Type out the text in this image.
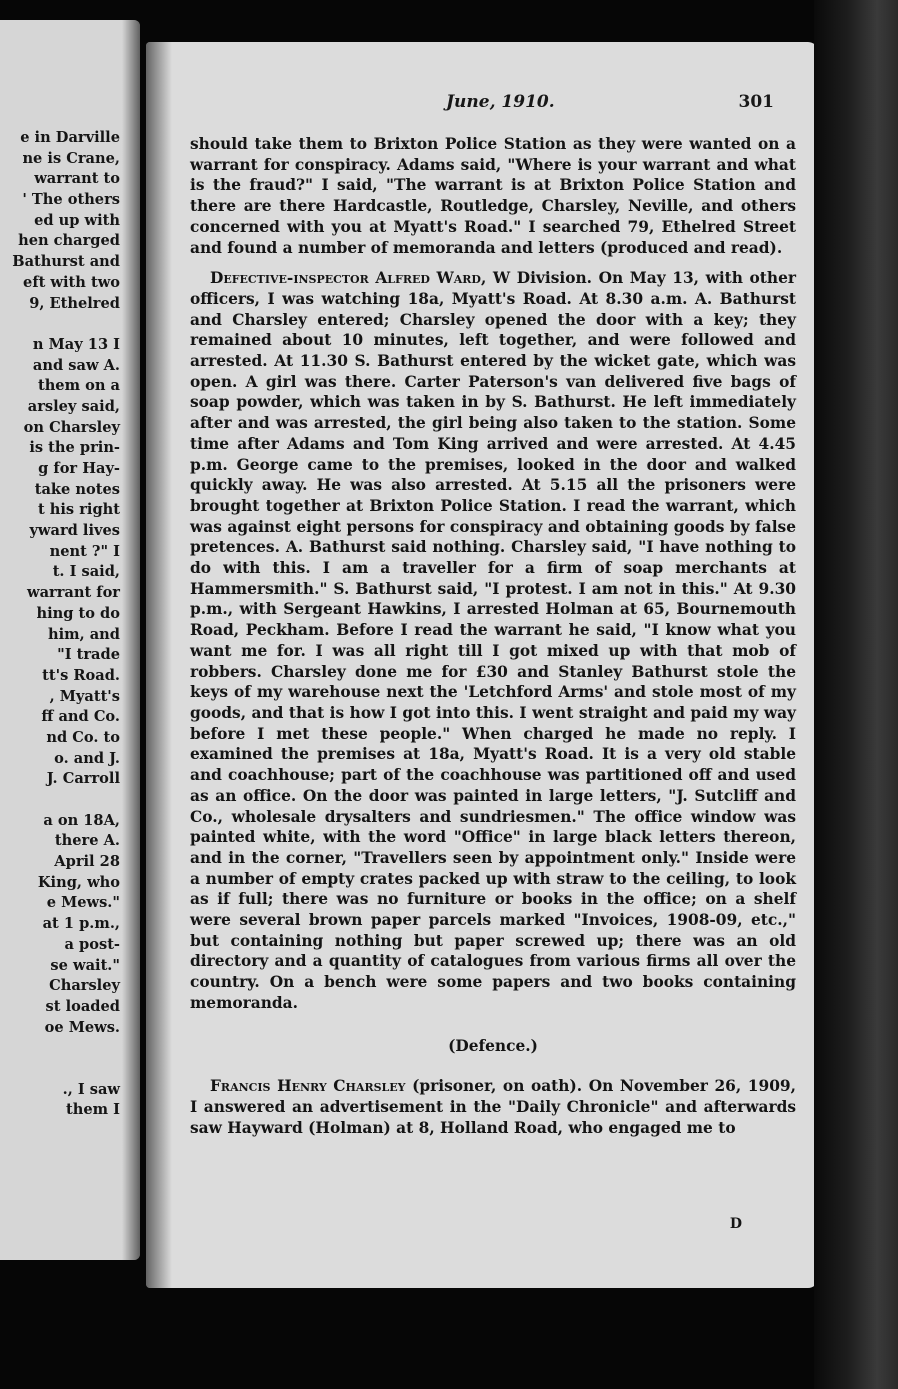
e in Darville
ne is Crane,
warrant to
' The others
ed up with
hen charged
Bathurst and
eft with two
9, Ethelred

n May 13 I
and saw A.
them on a
arsley said,
on Charsley
is the prin-
g for Hay-
take notes
t his right
yward lives
nent ?" I
t. I said,
warrant for
hing to do
him, and
"I trade
tt's Road.
, Myatt's
ff and Co.
nd Co. to
o. and J.
J. Carroll

a on 18A,
there A.
April 28
King, who
e Mews."
at 1 p.m.,
a post-
se wait."
Charsley
st loaded
oe Mews.

., I saw
them I
June, 1910.	301

should take them to Brixton Police Station as they were wanted on a warrant for conspiracy. Adams said, "Where is your warrant and what is the fraud?" I said, "The warrant is at Brixton Police Station and there are there Hardcastle, Routledge, Charsley, Neville, and others concerned with you at Myatt's Road." I searched 79, Ethelred Street and found a number of memoranda and letters (produced and read).

Defective-inspector Alfred Ward, W Division. On May 13, with other officers, I was watching 18a, Myatt's Road. At 8.30 a.m. A. Bathurst and Charsley entered; Charsley opened the door with a key; they remained about 10 minutes, left together, and were followed and arrested. At 11.30 S. Bathurst entered by the wicket gate, which was open. A girl was there. Carter Paterson's van delivered five bags of soap powder, which was taken in by S. Bathurst. He left immediately after and was arrested, the girl being also taken to the station. Some time after Adams and Tom King arrived and were arrested. At 4.45 p.m. George came to the premises, looked in the door and walked quickly away. He was also arrested. At 5.15 all the prisoners were brought together at Brixton Police Station. I read the warrant, which was against eight persons for conspiracy and obtaining goods by false pretences. A. Bathurst said nothing. Charsley said, "I have nothing to do with this. I am a traveller for a firm of soap merchants at Hammersmith." S. Bathurst said, "I protest. I am not in this." At 9.30 p.m., with Sergeant Hawkins, I arrested Holman at 65, Bournemouth Road, Peckham. Before I read the warrant he said, "I know what you want me for. I was all right till I got mixed up with that mob of robbers. Charsley done me for £30 and Stanley Bathurst stole the keys of my warehouse next the 'Letchford Arms' and stole most of my goods, and that is how I got into this. I went straight and paid my way before I met these people." When charged he made no reply. I examined the premises at 18a, Myatt's Road. It is a very old stable and coachhouse; part of the coachhouse was partitioned off and used as an office. On the door was painted in large letters, "J. Sutcliff and Co., wholesale drysalters and sundriesmen." The office window was painted white, with the word "Office" in large black letters thereon, and in the corner, "Travellers seen by appointment only." Inside were a number of empty crates packed up with straw to the ceiling, to look as if full; there was no furniture or books in the office; on a shelf were several brown paper parcels marked "Invoices, 1908-09, etc.," but containing nothing but paper screwed up; there was an old directory and a quantity of catalogues from various firms all over the country. On a bench were some papers and two books containing memoranda.

(Defence.)

Francis Henry Charsley (prisoner, on oath). On November 26, 1909, I answered an advertisement in the "Daily Chronicle" and afterwards saw Hayward (Holman) at 8, Holland Road, who engaged me to

D
